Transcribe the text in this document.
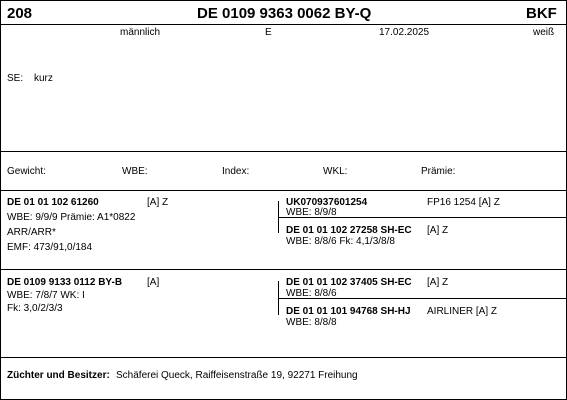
208	DE 0109 9363 0062 BY-Q	BKF
männlich	E	17.02.2025	weiß
SE: kurz
Gewicht:	WBE:	Index:	WKL:	Prämie:
DE 01 01 102 61260	[A] Z
WBE: 9/9/9 Prämie: A1*0822
ARR/ARR*
EMF: 473/91,0/184
UK070937601254	FP16 1254 [A] Z
WBE: 8/9/8
DE 01 01 102 27258 SH-EC [A] Z
WBE: 8/8/6 Fk: 4,1/3/8/8
DE 0109 9133 0112 BY-B [A]
WBE: 7/8/7 WK: I
Fk: 3,0/2/3/3
DE 01 01 102 37405 SH-EC [A] Z
WBE: 8/8/6
DE 01 01 101 94768 SH-HJ AIRLINER [A] Z
WBE: 8/8/8
Züchter und Besitzer: Schäferei Queck, Raiffeisenstraße 19, 92271 Freihung
